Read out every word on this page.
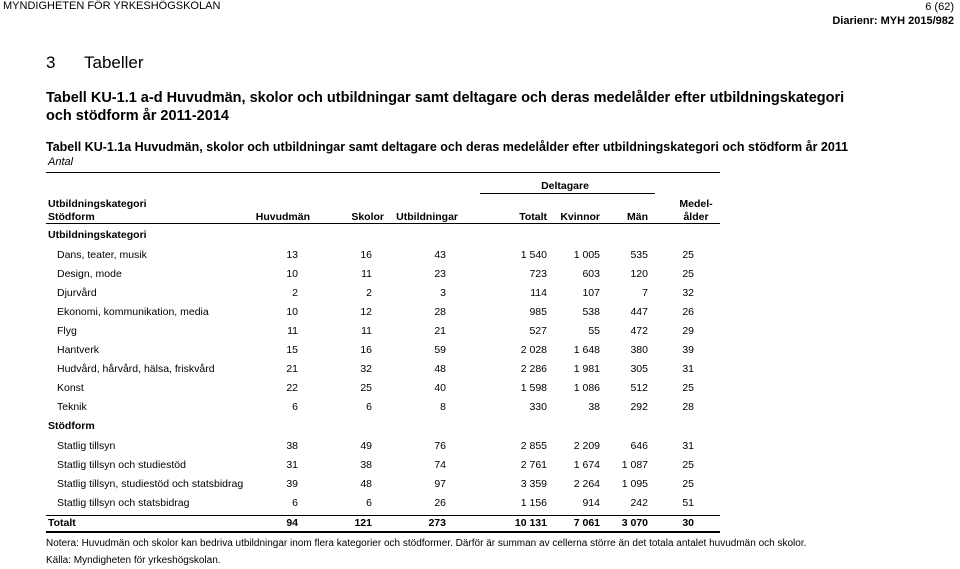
MYNDIGHETEN FÖR YRKESHÖGSKOLAN	6 (62)
Diarienr: MYH 2015/982
3 Tabeller
Tabell KU-1.1 a-d Huvudmän, skolor och utbildningar samt deltagare och deras medelålder efter utbildningskategori och stödform år 2011-2014
Tabell KU-1.1a Huvudmän, skolor och utbildningar samt deltagare och deras medelålder efter utbildningskategori och stödform år 2011
Antal
Deltagare
Utbildningskategori
Stödform
Medel-
ålder
Huvudmän	Skolor	Utbildningar	Totalt	Kvinnor	Män
Utbildningskategori
Stödform
Dans, teater, musik	13	16	43	1 540	1 005	535	25
Design, mode	10	11	23	723	603	120	25
Djurvård	2	2	3	114	107	7	32
Ekonomi, kommunikation, media	10	12	28	985	538	447	26
Flyg	11	11	21	527	55	472	29
Hantverk	15	16	59	2 028	1 648	380	39
Hudvård, hårvård, hälsa, friskvård	21	32	48	2 286	1 981	305	31
Konst	22	25	40	1 598	1 086	512	25
Teknik	6	6	8	330	38	292	28
Statlig tillsyn	38	49	76	2 855	2 209	646	31
Statlig tillsyn och studiestöd	31	38	74	2 761	1 674	1 087	25
Statlig tillsyn, studiestöd och statsbidrag	39	48	97	3 359	2 264	1 095	25
Statlig tillsyn och statsbidrag	6	6	26	1 156	914	242	51
Totalt	94	121	273	10 131	7 061	3 070	30
Notera: Huvudmän och skolor kan bedriva utbildningar inom flera kategorier och stödformer. Därför är summan av cellerna större än det totala antalet huvudmän och skolor.
Källa: Myndigheten för yrkeshögskolan.
